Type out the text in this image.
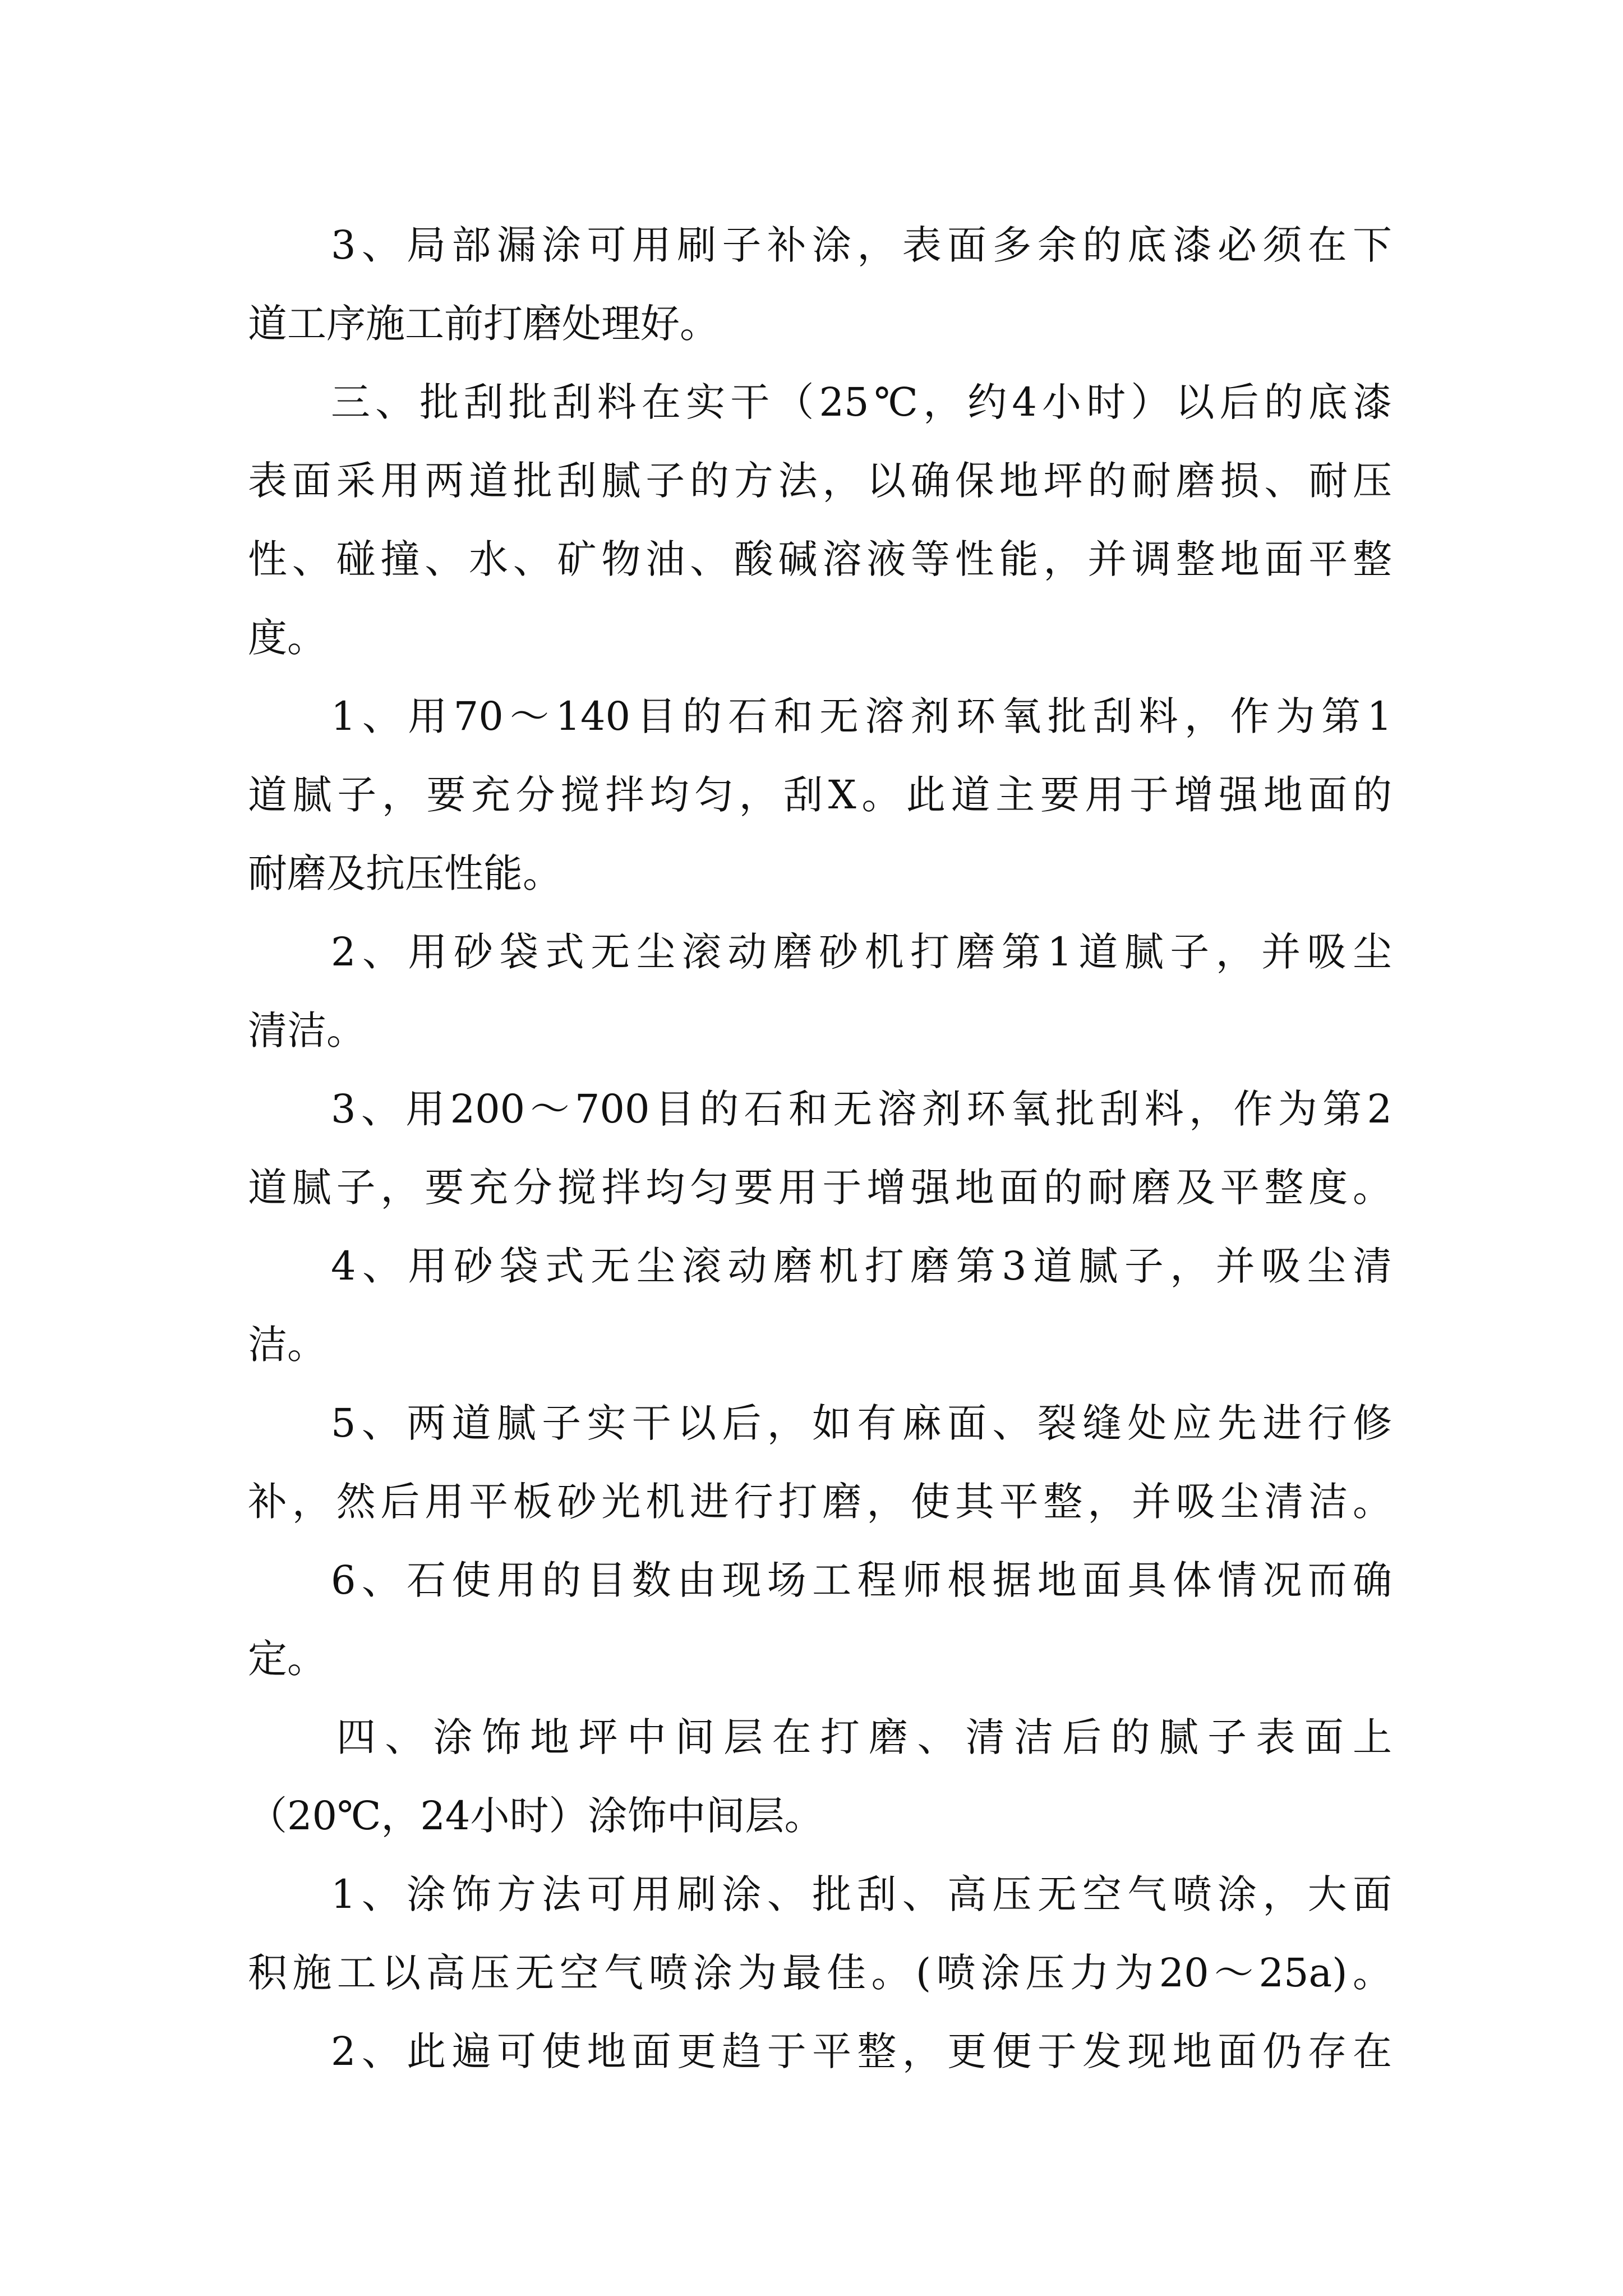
3、局部漏涂可用刷子补涂，表面多余的底漆必须在下
道工序施工前打磨处理好。
三、批刮批刮料在实干（25℃，约4小时）以后的底漆
表面采用两道批刮腻子的方法，以确保地坪的耐磨损、耐压
性、碰撞、水、矿物油、酸碱溶液等性能，并调整地面平整
度。
1、用70～140目的石和无溶剂环氧批刮料，作为第1
道腻子，要充分搅拌均匀，刮X。此道主要用于增强地面的
耐磨及抗压性能。
2、用砂袋式无尘滚动磨砂机打磨第1道腻子，并吸尘
清洁。
3、用200～700目的石和无溶剂环氧批刮料，作为第2
道腻子，要充分搅拌均匀要用于增强地面的耐磨及平整度。
4、用砂袋式无尘滚动磨机打磨第3道腻子，并吸尘清
洁。
5、两道腻子实干以后，如有麻面、裂缝处应先进行修
补，然后用平板砂光机进行打磨，使其平整，并吸尘清洁。
6、石使用的目数由现场工程师根据地面具体情况而确
定。
四、涂饰地坪中间层在打磨、清洁后的腻子表面上
（20℃，24小时）涂饰中间层。
1、涂饰方法可用刷涂、批刮、高压无空气喷涂，大面
积施工以高压无空气喷涂为最佳。(喷涂压力为20～25a)。
2、此遍可使地面更趋于平整，更便于发现地面仍存在
